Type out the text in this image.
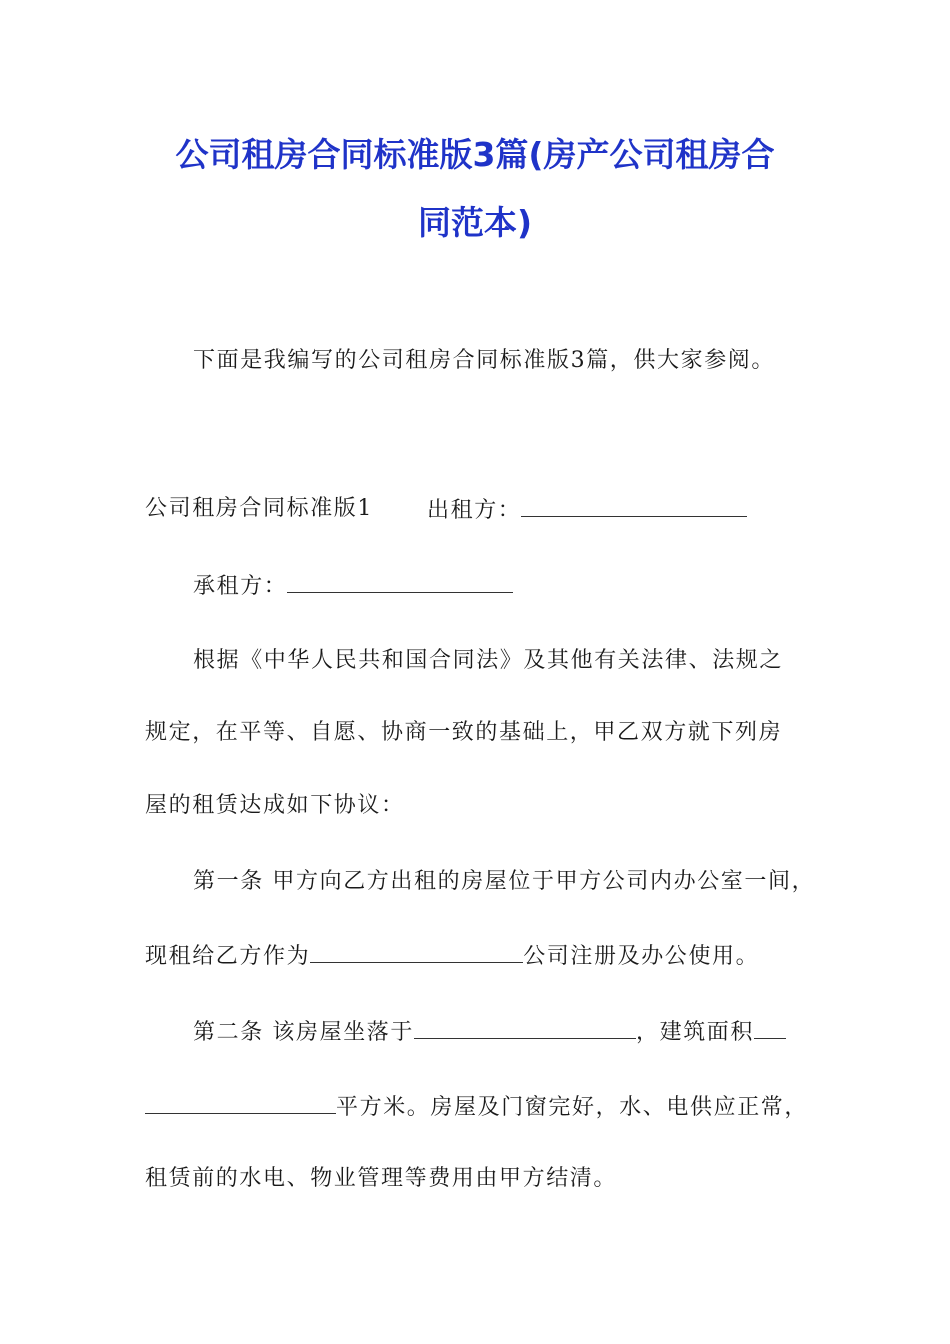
公司租房合同标准版3篇(房产公司租房合
同范本)
下面是我编写的公司租房合同标准版3篇，供大家参阅。
公司租房合同标准版1 出租方：
承租方：
根据《中华人民共和国合同法》及其他有关法律、法规之
规定，在平等、自愿、协商一致的基础上，甲乙双方就下列房
屋的租赁达成如下协议：
第一条 甲方向乙方出租的房屋位于甲方公司内办公室一间，
现租给乙方作为	公司注册及办公使用。
第二条 该房屋坐落于	，建筑面积
平方米。房屋及门窗完好，水、电供应正常，
租赁前的水电、物业管理等费用由甲方结清。
